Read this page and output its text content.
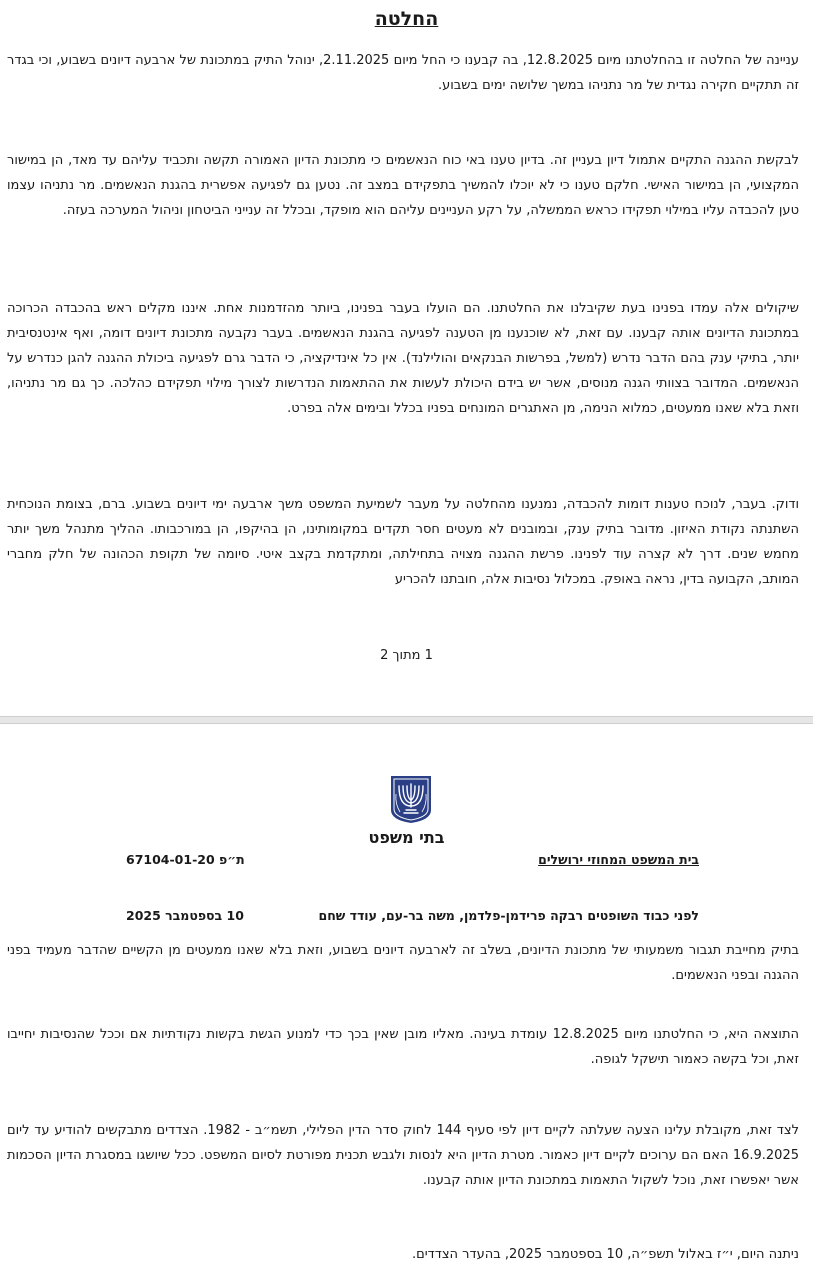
החלטה

עניינה של החלטה זו בהחלטתנו מיום 12.8.2025, בה קבענו כי החל מיום 2.11.2025, ינוהל התיק במתכונת של ארבעה דיונים בשבוע, וכי בגדר זה תתקיים חקירה נגדית של מר נתניהו במשך שלושה ימים בשבוע.

לבקשת ההגנה התקיים אתמול דיון בעניין זה. בדיון טענו באי כוח הנאשמים כי מתכונת הדיון האמורה תקשה ותכביד עליהם עד מאד, הן במישור המקצועי, הן במישור האישי. חלקם טענו כי לא יוכלו להמשיך בתפקידם במצב זה. נטען גם לפגיעה אפשרית בהגנת הנאשמים. מר נתניהו עצמו טען להכבדה עליו במילוי תפקידו כראש הממשלה, על רקע העניינים עליהם הוא מופקד, ובכלל זה ענייני הביטחון וניהול המערכה בעזה.

שיקולים אלה עמדו בפנינו בעת שקיבלנו את החלטתנו. הם הועלו בעבר בפנינו, ביותר מהזדמנות אחת. איננו מקלים ראש בהכבדה הכרוכה במתכונת הדיונים אותה קבענו. עם זאת, לא שוכנענו מן הטענה לפגיעה בהגנת הנאשמים. בעבר נקבעה מתכונת דיונים דומה, ואף אינטנסיבית יותר, בתיקי ענק בהם הדבר נדרש (למשל, בפרשות הבנקאים והולילנד). אין כל אינדיקציה, כי הדבר גרם לפגיעה ביכולת ההגנה להגן כנדרש על הנאשמים. המדובר בצוותי הגנה מנוסים, אשר יש בידם היכולת לעשות את ההתאמות הנדרשות לצורך מילוי תפקידם כהלכה. כך גם מר נתניהו, וזאת בלא שאנו ממעטים, כמלוא הנימה, מן האתגרים המונחים בפניו בכלל ובימים אלה בפרט.

ודוק. בעבר, לנוכח טענות דומות להכבדה, נמנענו מהחלטה על מעבר לשמיעת המשפט משך ארבעה ימי דיונים בשבוע. ברם, בצומת הנוכחית השתנתה נקודת האיזון. מדובר בתיק ענק, ובמובנים לא מעטים חסר תקדים במקומותינו, הן בהיקפו, הן במורכבותו. ההליך מתנהל משך יותר מחמש שנים. דרך לא קצרה עוד לפנינו. פרשת ההגנה מצויה בתחילתה, ומתקדמת בקצב איטי. סיומה של תקופת הכהונה של חלק מחברי המותב, הקבועה בדין, נראה באופק. במכלול נסיבות אלה, חובתנו להכריע

1 מתוך 2
בתי משפט
בית המשפט המחוזי ירושלים
ת״פ 67104-01-20
לפני כבוד השופטים רבקה פרידמן-פלדמן, משה בר-עם, עודד שחם
10 בספטמבר 2025

בתיק מחייבת תגבור משמעותי של מתכונת הדיונים, בשלב זה לארבעה דיונים בשבוע, וזאת בלא שאנו ממעטים מן הקשיים שהדבר מעמיד בפני ההגנה ובפני הנאשמים.

התוצאה היא, כי החלטתנו מיום 12.8.2025 עומדת בעינה. מאליו מובן שאין בכך כדי למנוע הגשת בקשות נקודתיות אם וככל שהנסיבות יחייבו זאת, וכל בקשה כאמור תישקל לגופה.

לצד זאת, מקובלת עלינו הצעה שעלתה לקיים דיון לפי סעיף 144 לחוק סדר הדין הפלילי, תשמ״ב - 1982. הצדדים מתבקשים להודיע עד ליום 16.9.2025 האם הם ערוכים לקיים דיון כאמור. מטרת הדיון היא לנסות ולגבש תכנית מפורטת לסיום המשפט. ככל שיושגו במסגרת הדיון הסכמות אשר יאפשרו זאת, נוכל לשקול התאמות במתכונת הדיון אותה קבענו.

ניתנה היום, י״ז באלול תשפ״ה, 10 בספטמבר 2025, בהעדר הצדדים.
